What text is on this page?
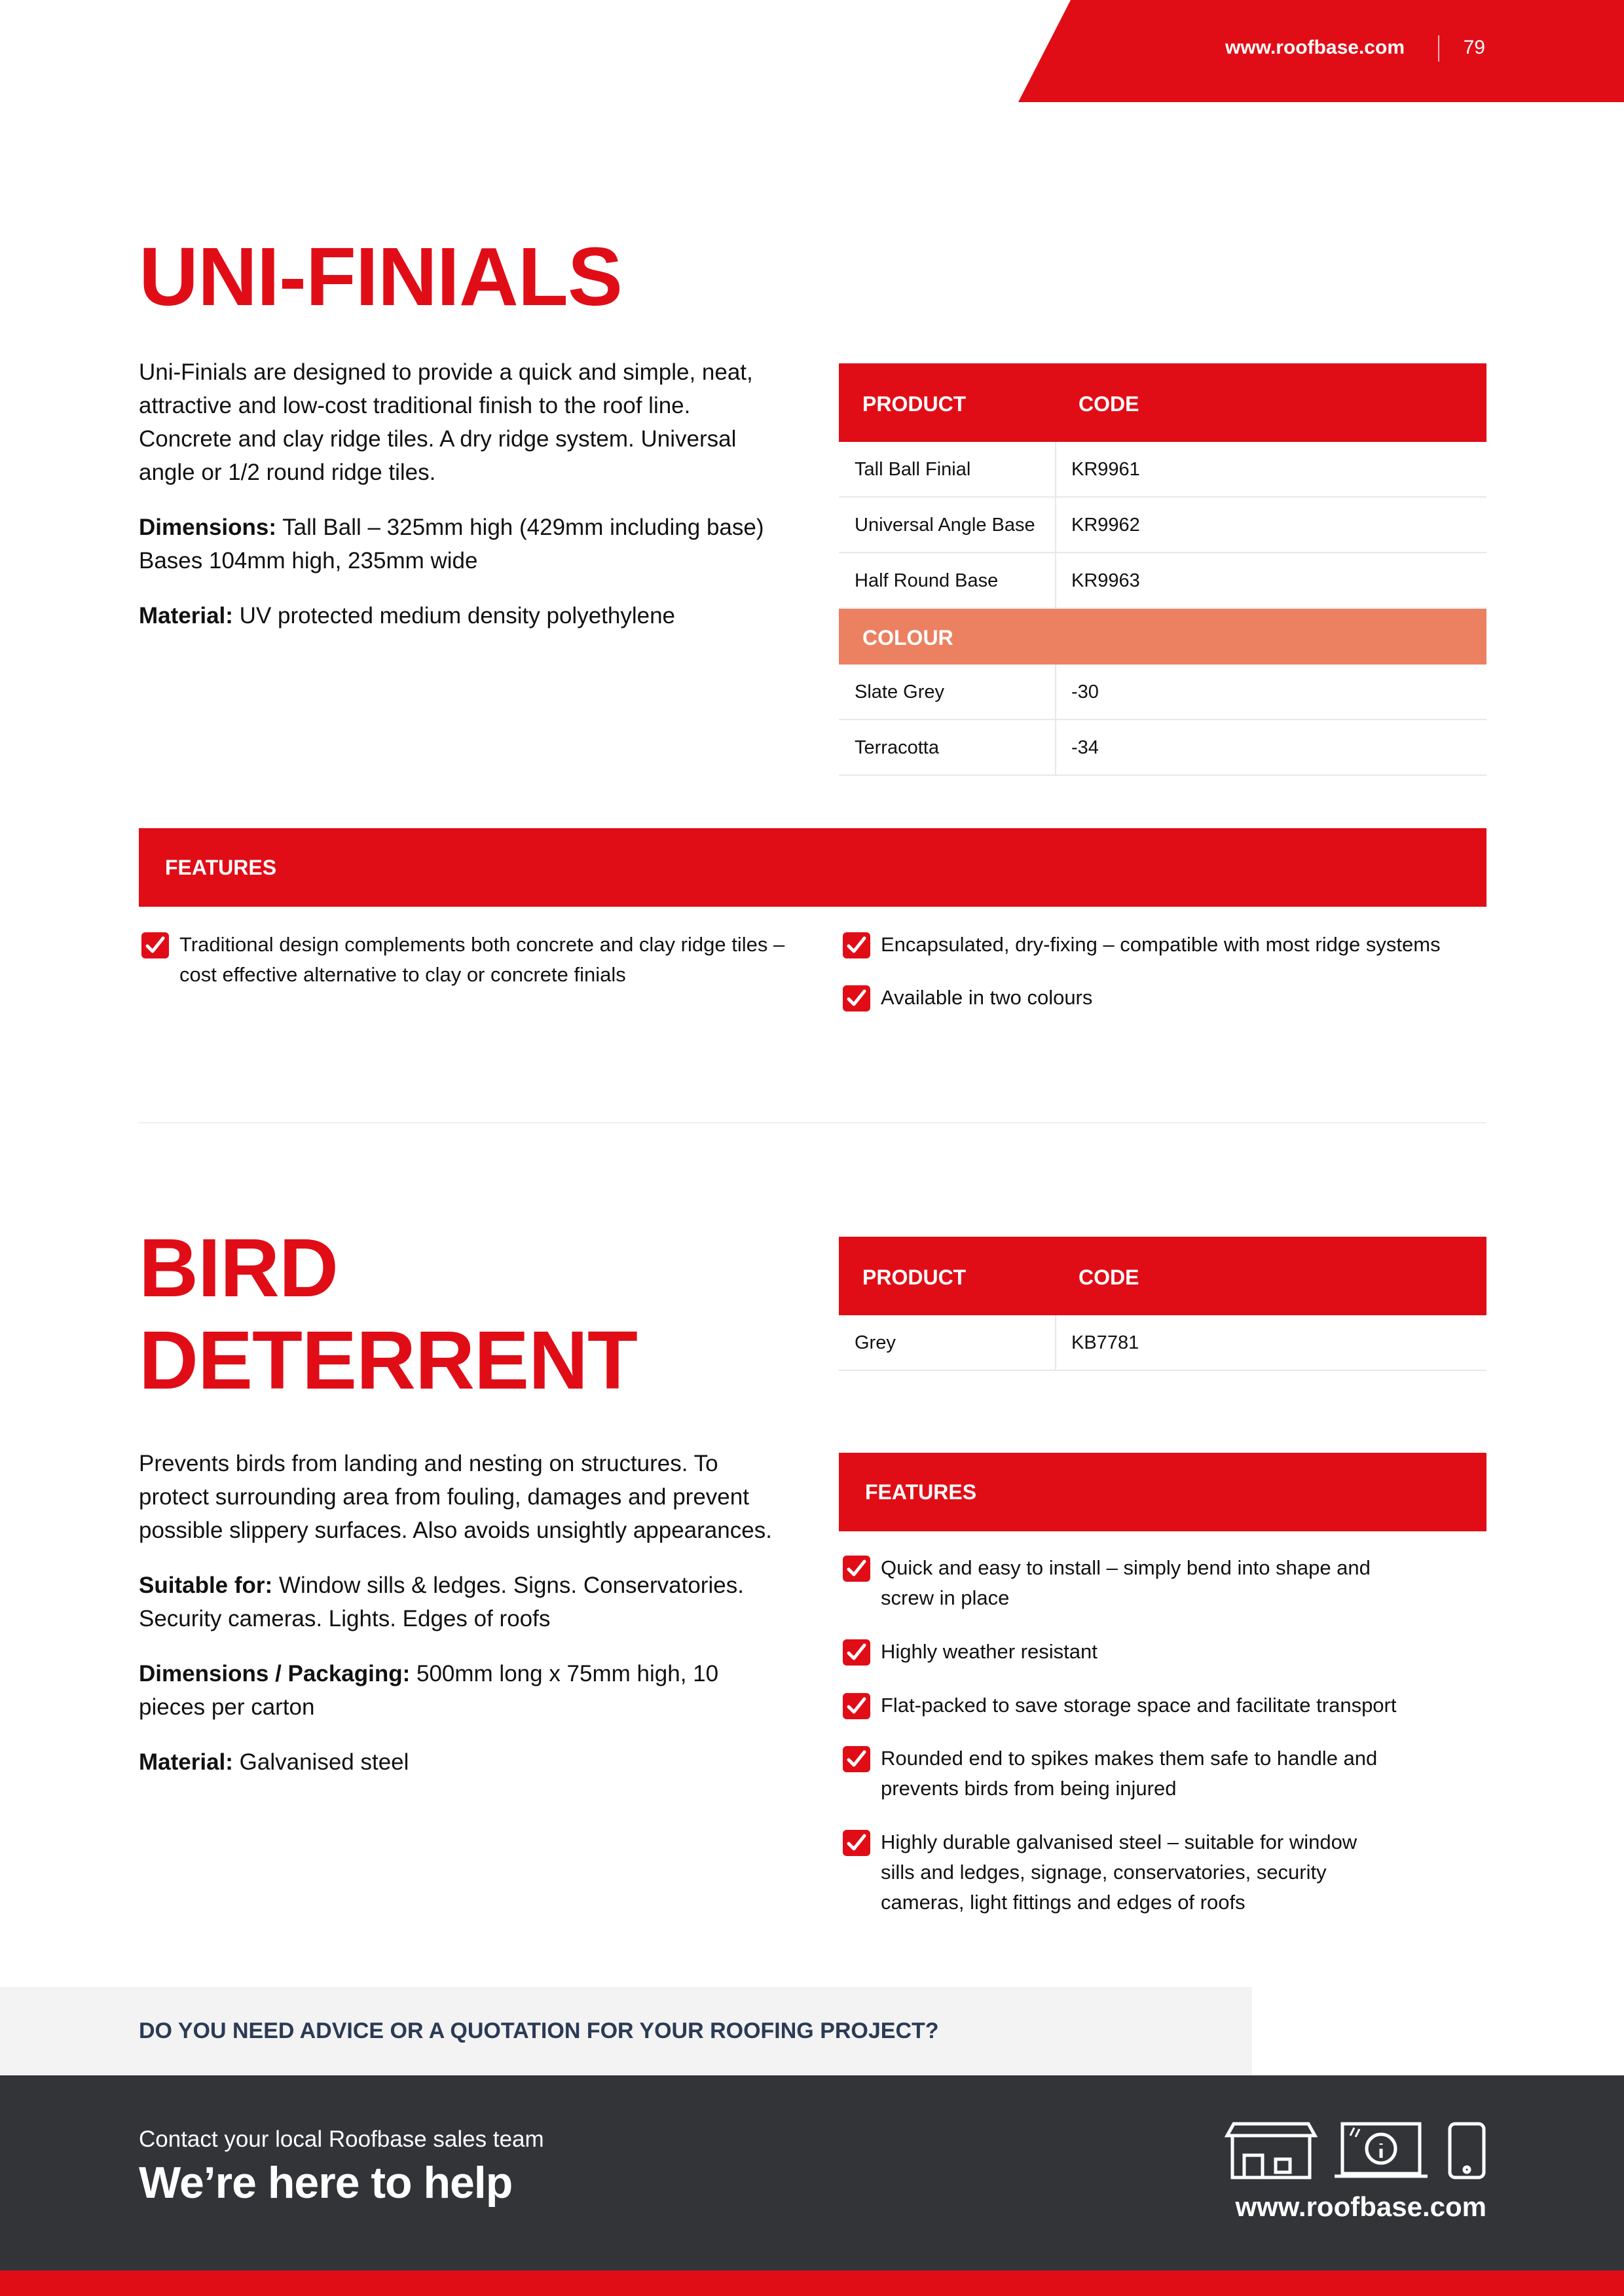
www.roofbase.com	79
UNI-FINIALS

Uni-Finials are designed to provide a quick and simple, neat, attractive and low-cost traditional finish to the roof line. Concrete and clay ridge tiles. A dry ridge system. Universal angle or 1/2 round ridge tiles.

Dimensions: Tall Ball – 325mm high (429mm including base) Bases 104mm high, 235mm wide

Material: UV protected medium density polyethylene

PRODUCT	CODE
Tall Ball Finial	KR9961
Universal Angle Base KR9962
Half Round Base	KR9963
COLOUR
Slate Grey	-30
Terracotta	-34
FEATURES
Traditional design complements both concrete and clay ridge tiles – cost effective alternative to clay or concrete finials
Encapsulated, dry-fixing – compatible with most ridge systems
Available in two colours
BIRD
DETERRENT

Prevents birds from landing and nesting on structures. To protect surrounding area from fouling, damages and prevent possible slippery surfaces. Also avoids unsightly appearances.

Suitable for: Window sills & ledges. Signs. Conservatories. Security cameras. Lights. Edges of roofs

Dimensions / Packaging: 500mm long x 75mm high, 10 pieces per carton

Material: Galvanised steel

PRODUCT	CODE
Grey	KB7781
FEATURES
Quick and easy to install – simply bend into shape and screw in place
Highly weather resistant
Flat-packed to save storage space and facilitate transport
Rounded end to spikes makes them safe to handle and prevents birds from being injured
Highly durable galvanised steel – suitable for window sills and ledges, signage, conservatories, security cameras, light fittings and edges of roofs
DO YOU NEED ADVICE OR A QUOTATION FOR YOUR ROOFING PROJECT?
Contact your local Roofbase sales team
We’re here to help	www.roofbase.com
